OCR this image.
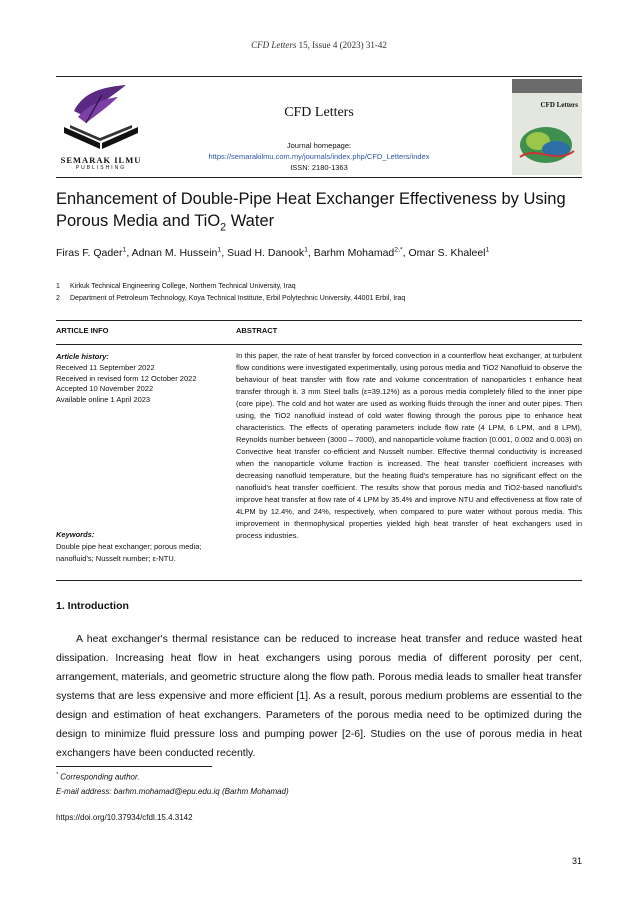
CFD Letters 15, Issue 4 (2023) 31-42
SEMARAK ILMU
PUBLISHING
CFD Letters
Journal homepage:
https://semarakilmu.com.my/journals/index.php/CFD_Letters/index
ISSN: 2180-1363
CFD Letters
Enhancement of Double-Pipe Heat Exchanger Effectiveness by Using
Porous Media and TiO$_2$ Water
Firas F. Qader$^1$, Adnan M. Hussein$^1$, Suad H. Danook$^1$, Barhm Mohamad$^{2,*}$, Omar S. Khaleel$^1$
1 Kirkuk Technical Engineering College, Northern Technical University, Iraq
2 Department of Petroleum Technology, Koya Technical Institute, Erbil Polytechnic University, 44001 Erbil, Iraq
ARTICLE INFO	ABSTRACT
Article history:
Received 11 September 2022
Received in revised form 12 October 2022
Accepted 10 November 2022
Available online 1 April 2023
Keywords:
Double pipe heat exchanger; porous media; nanofluid's; Nusselt number; ε-NTU.
In this paper, the rate of heat transfer by forced convection in a counterflow heat exchanger, at turbulent flow conditions were investigated experimentally, using porous media and TiO2 Nanofluid to observe the behaviour of heat transfer with flow rate and volume concentration of nanoparticles t enhance heat transfer through it. 3 mm Steel balls (ε=39.12%) as a porous media completely filled to the inner pipe (core pipe). The cold and hot water are used as working fluids through the inner and outer pipes. Then using, the TiO2 nanofluid instead of cold water flowing through the porous pipe to enhance heat characteristics. The effects of operating parameters include flow rate (4 LPM, 6 LPM, and 8 LPM), Reynolds number between (3000 – 7000), and nanoparticle volume fraction (0.001, 0.002 and 0.003) on Convective heat transfer co-efficient and Nusselt number. Effective thermal conductivity is increased when the nanoparticle volume fraction is increased. The heat transfer coefficient increases with decreasing nanofluid temperature, but the heating fluid's temperature has no significant effect on the nanofluid's heat transfer coefficient. The results show that porous media and TiO2-based nanofluid's improve heat transfer at flow rate of 4 LPM by 35.4% and improve NTU and effectiveness at flow rate of 4LPM by 12.4%, and 24%, respectively, when compared to pure water without porous media. This improvement in thermophysical properties yielded high heat transfer of heat exchangers used in process industries.
1. Introduction
A heat exchanger's thermal resistance can be reduced to increase heat transfer and reduce wasted heat dissipation. Increasing heat flow in heat exchangers using porous media of different porosity per cent, arrangement, materials, and geometric structure along the flow path. Porous media leads to smaller heat transfer systems that are less expensive and more efficient [1]. As a result, porous medium problems are essential to the design and estimation of heat exchangers. Parameters of the porous media need to be optimized during the design to minimize fluid pressure loss and pumping power [2-6]. Studies on the use of porous media in heat exchangers have been conducted recently.
* Corresponding author.
E-mail address: barhm.mohamad@epu.edu.iq (Barhm Mohamad)
https://doi.org/10.37934/cfdl.15.4.3142
31
